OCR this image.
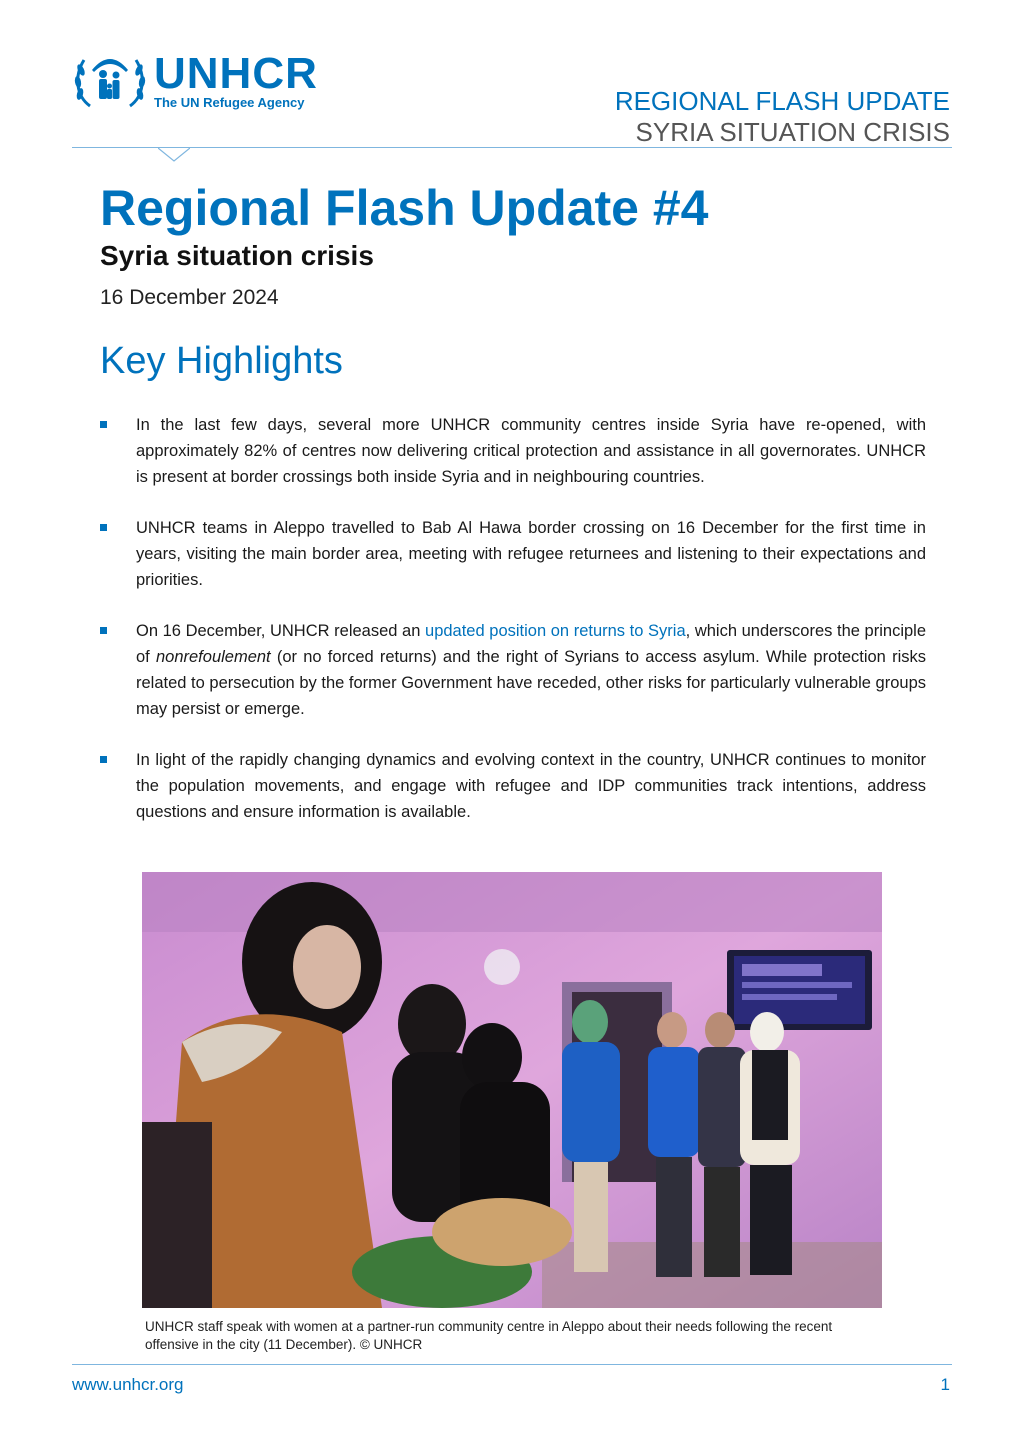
UNHCR
The UN Refugee Agency	REGIONAL FLASH UPDATE
SYRIA SITUATION CRISIS
Regional Flash Update #4
Syria situation crisis
16 December 2024
Key Highlights
In the last few days, several more UNHCR community centres inside Syria have re-opened, with approximately 82% of centres now delivering critical protection and assistance in all governorates. UNHCR is present at border crossings both inside Syria and in neighbouring countries.
UNHCR teams in Aleppo travelled to Bab Al Hawa border crossing on 16 December for the first time in years, visiting the main border area, meeting with refugee returnees and listening to their expectations and priorities.
On 16 December, UNHCR released an updated position on returns to Syria, which underscores the principle of nonrefoulement (or no forced returns) and the right of Syrians to access asylum. While protection risks related to persecution by the former Government have receded, other risks for particularly vulnerable groups may persist or emerge.
In light of the rapidly changing dynamics and evolving context in the country, UNHCR continues to monitor the population movements, and engage with refugee and IDP communities track intentions, address questions and ensure information is available.
UNHCR staff speak with women at a partner-run community centre in Aleppo about their needs following the recent offensive in the city (11 December). © UNHCR
www.unhcr.org	1
